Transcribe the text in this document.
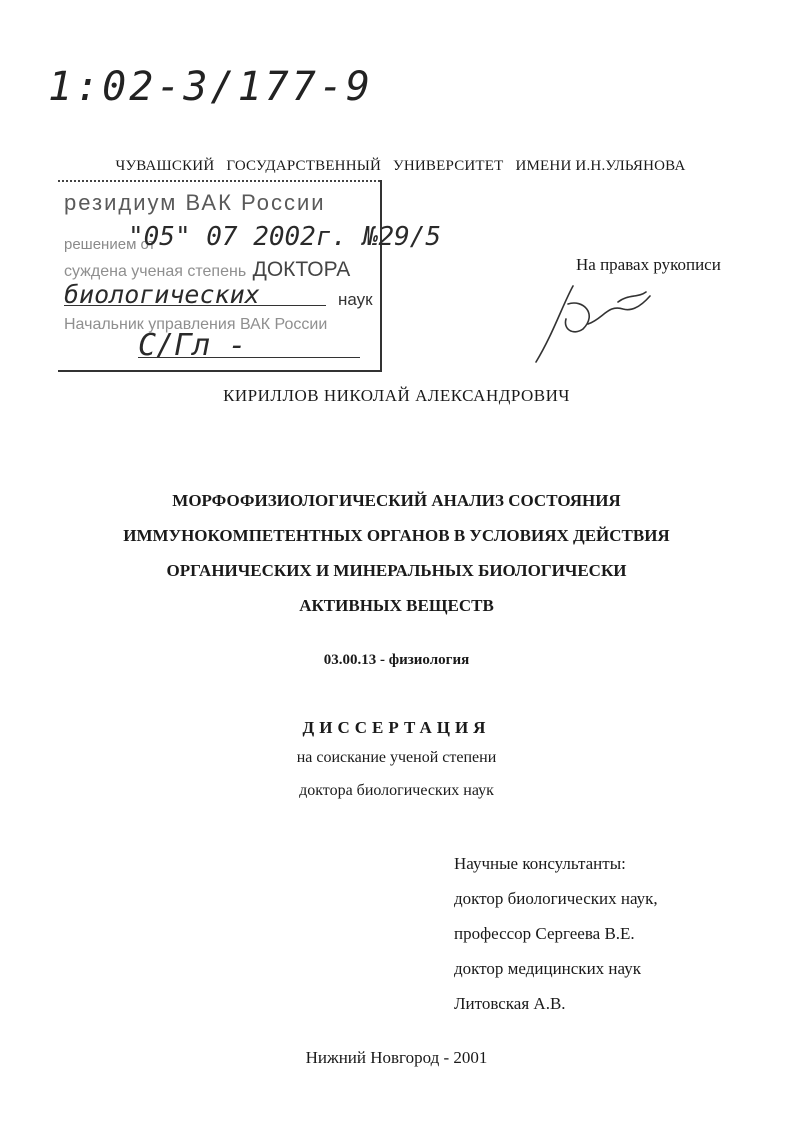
1:02-3/177-9
ЧУВАШСКИЙ ГОСУДАРСТВЕННЫЙ УНИВЕРСИТЕТ ИМЕНИ И.Н.УЛЬЯНОВА
резидиум ВАК России
решением от
"05" 07 2002г. №29/5
суждена ученая степень ДОКТОРА
биологических	наук
Начальник управления ВАК России
С/Гл -
На правах рукописи
КИРИЛЛОВ НИКОЛАЙ АЛЕКСАНДРОВИЧ
МОРФОФИЗИОЛОГИЧЕСКИЙ АНАЛИЗ СОСТОЯНИЯ
ИММУНОКОМПЕТЕНТНЫХ ОРГАНОВ В УСЛОВИЯХ ДЕЙСТВИЯ
ОРГАНИЧЕСКИХ И МИНЕРАЛЬНЫХ БИОЛОГИЧЕСКИ
АКТИВНЫХ ВЕЩЕСТВ
03.00.13 - физиология
ДИССЕРТАЦИЯ
на соискание ученой степени
доктора биологических наук
Научные консультанты:
доктор биологических наук,
профессор Сергеева В.Е.
доктор медицинских наук
Литовская А.В.
Нижний Новгород - 2001
